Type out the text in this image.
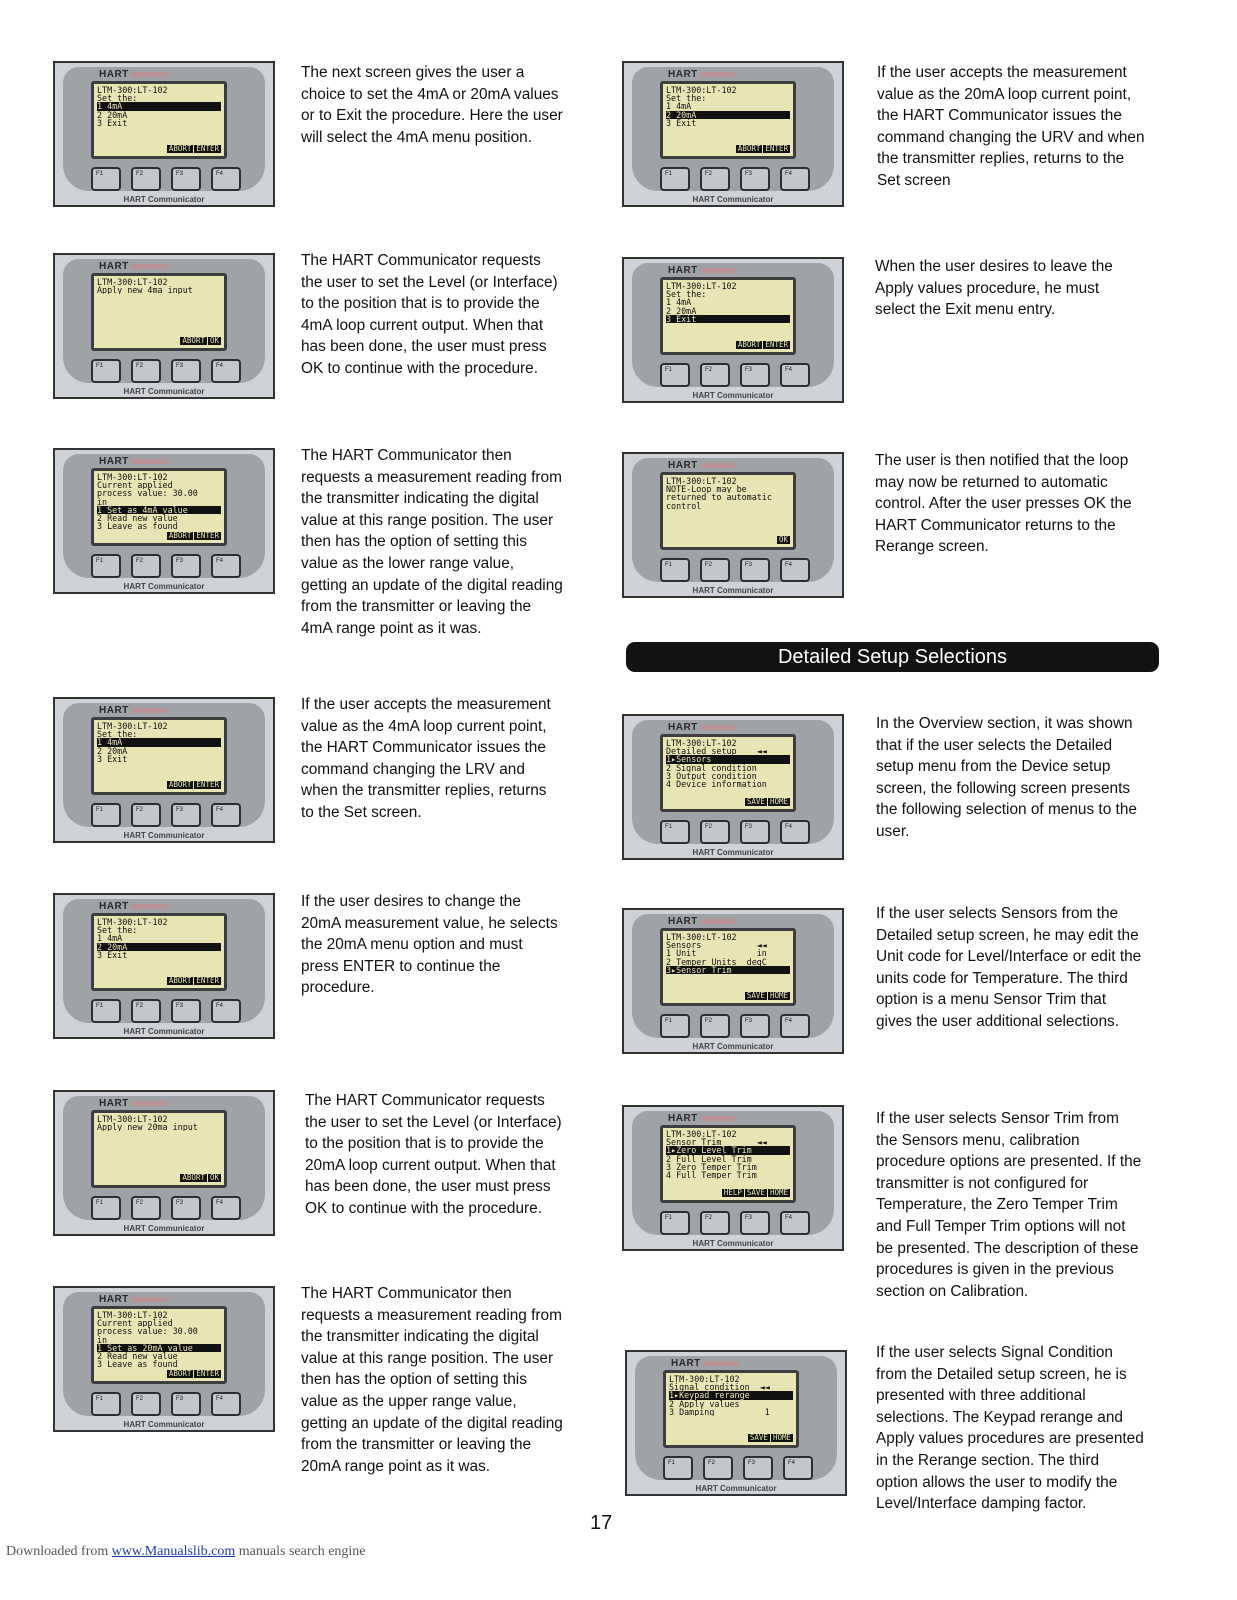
HART
LTM-300:LT-102
Set the:
1 4mA
2 20mA
3 Exit
ABORT ENTER
F1	F2	F3	F4
HART Communicator
The next screen gives the user a choice to set the 4mA or 20mA values or to Exit the procedure. Here the user will select the 4mA menu position.
HART
LTM-300:LT-102
Apply new 4ma input
ABORT OK
F1	F2	F3	F4
HART Communicator
The HART Communicator requests the user to set the Level (or Interface) to the position that is to provide the 4mA loop current output. When that has been done, the user must press OK to continue with the procedure.
HART
LTM-300:LT-102
Current applied
process value: 30.00
in
1 Set as 4mA value
2 Read new value
3 Leave as found
ABORT ENTER
F1	F2	F3	F4
HART Communicator
The HART Communicator then requests a measurement reading from the transmitter indicating the digital value at this range position. The user then has the option of setting this value as the lower range value, getting an update of the digital reading from the transmitter or leaving the 4mA range point as it was.
HART
LTM-300:LT-102
Set the:
1 4mA
2 20mA
3 Exit
ABORT ENTER
F1	F2	F3	F4
HART Communicator
If the user accepts the measurement value as the 4mA loop current point, the HART Communicator issues the command changing the LRV and when the transmitter replies, returns to the Set screen.
HART
LTM-300:LT-102
Set the:
1 4mA
2 20mA
3 Exit
ABORT ENTER
F1	F2	F3	F4
HART Communicator
If the user desires to change the 20mA measurement value, he selects the 20mA menu option and must press ENTER to continue the procedure.
HART
LTM-300:LT-102
Apply new 20ma input
ABORT OK
F1	F2	F3	F4
HART Communicator
The HART Communicator requests the user to set the Level (or Interface) to the position that is to provide the 20mA loop current output. When that has been done, the user must press OK to continue with the procedure.
HART
LTM-300:LT-102
Current applied
process value: 30.00
in
1 Set as 20mA value
2 Read new value
3 Leave as found
ABORT ENTER
F1	F2	F3	F4
HART Communicator
The HART Communicator then requests a measurement reading from the transmitter indicating the digital value at this range position. The user then has the option of setting this value as the upper range value, getting an update of the digital reading from the transmitter or leaving the 20mA range point as it was.
HART
LTM-300:LT-102
Set the:
1 4mA
2 20mA
3 Exit
ABORT ENTER
F1	F2	F3	F4
HART Communicator
If the user accepts the measurement value as the 20mA loop current point, the HART Communicator issues the command changing the URV and when the transmitter replies, returns to the Set screen
HART
LTM-300:LT-102
Set the:
1 4mA
2 20mA
3 Exit
ABORT ENTER
F1	F2	F3	F4
HART Communicator
When the user desires to leave the Apply values procedure, he must select the Exit menu entry.
HART
LTM-300:LT-102
NOTE-Loop may be
returned to automatic
control
OK
F1	F2	F3	F4
HART Communicator
The user is then notified that the loop may now be returned to automatic control. After the user presses OK the HART Communicator returns to the Rerange screen.
HART
LTM-300:LT-102
Detailed setup    ◄◄
1▸Sensors
2 Signal condition
3 Output condition
4 Device information
SAVE HOME
F1	F2	F3	F4
HART Communicator
In the Overview section, it was shown that if the user selects the Detailed setup menu from the Device setup screen, the following screen presents the following selection of menus to the user.
HART
LTM-300:LT-102
Sensors           ◄◄
1 Unit            in
2 Temper Units  degC
3▸Sensor Trim
SAVE HOME
F1	F2	F3	F4
HART Communicator
If the user selects Sensors from the Detailed setup screen, he may edit the Unit code for Level/Interface or edit the units code for Temperature. The third option is a menu Sensor Trim that gives the user additional selections.
HART
LTM-300:LT-102
Sensor Trim       ◄◄
1▸Zero Level Trim
2 Full Level Trim
3 Zero Temper Trim
4 Full Temper Trim
HELP SAVE HOME
F1	F2	F3	F4
HART Communicator
If the user selects Sensor Trim from the Sensors menu, calibration procedure options are presented. If the transmitter is not configured for Temperature, the Zero Temper Trim and Full Temper Trim options will not be presented. The description of these procedures is given in the previous section on Calibration.
HART
LTM-300:LT-102
Signal condition  ◄◄
1▸Keypad rerange
2 Apply values
3 Damping          1
SAVE HOME
F1	F2	F3	F4
HART Communicator
If the user selects Signal Condition from the Detailed setup screen, he is presented with three additional selections. The Keypad rerange and Apply values procedures are presented in the Rerange section. The third option allows the user to modify the Level/Interface damping factor.
Detailed Setup Selections
17
Downloaded from www.Manualslib.com manuals search engine
